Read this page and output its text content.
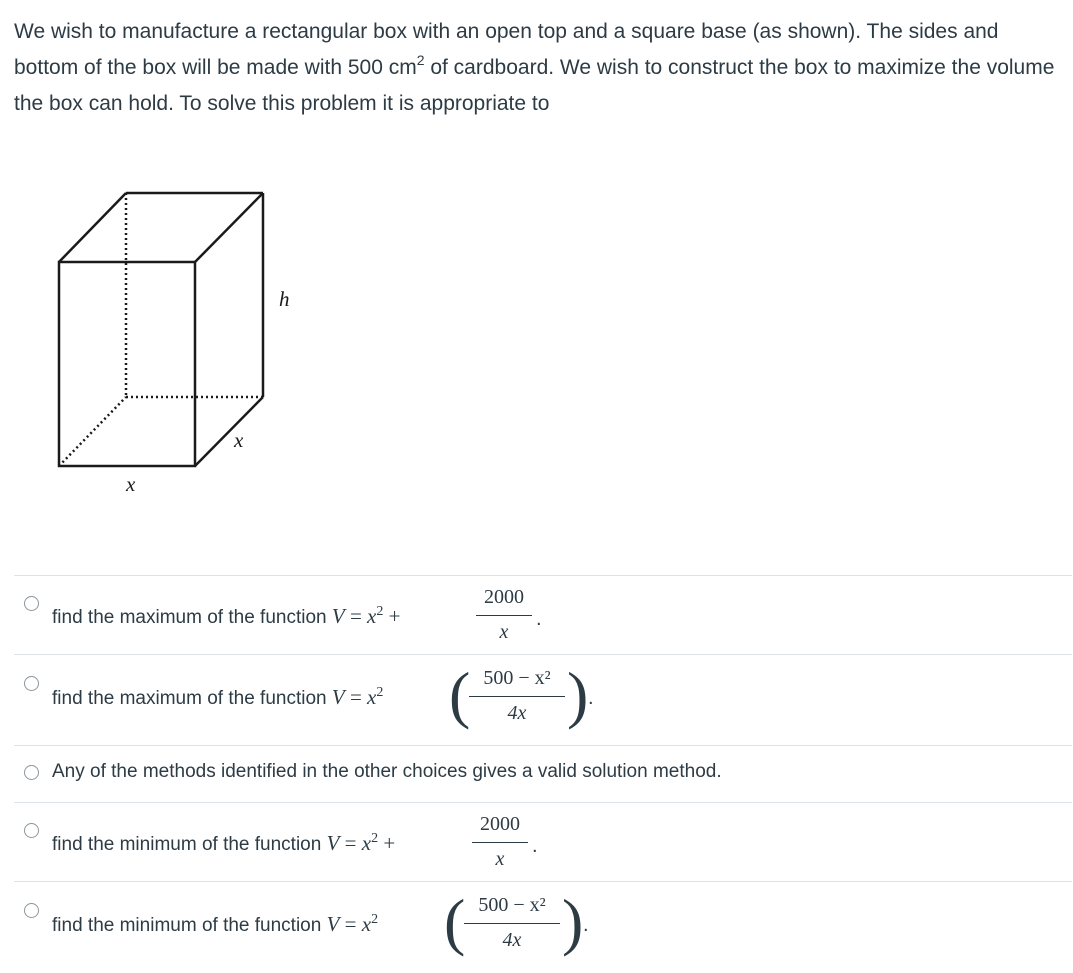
We wish to manufacture a rectangular box with an open top and a square base (as shown). The sides and bottom of the box will be made with 500 $cm^2$ of cardboard. We wish to construct the box to maximize the volume the box can hold. To solve this problem it is appropriate to
h
x
x
find the maximum of the function $V = x^2$ +
2000
x
.
find the maximum of the function $V = x^2$ ( 500 − x²
4x ) .
Any of the methods identified in the other choices gives a valid solution method.
find the minimum of the function $V = x^2$ +
2000
x
.
find the minimum of the function $V = x^2$ ( 500 − x²
4x ) .
